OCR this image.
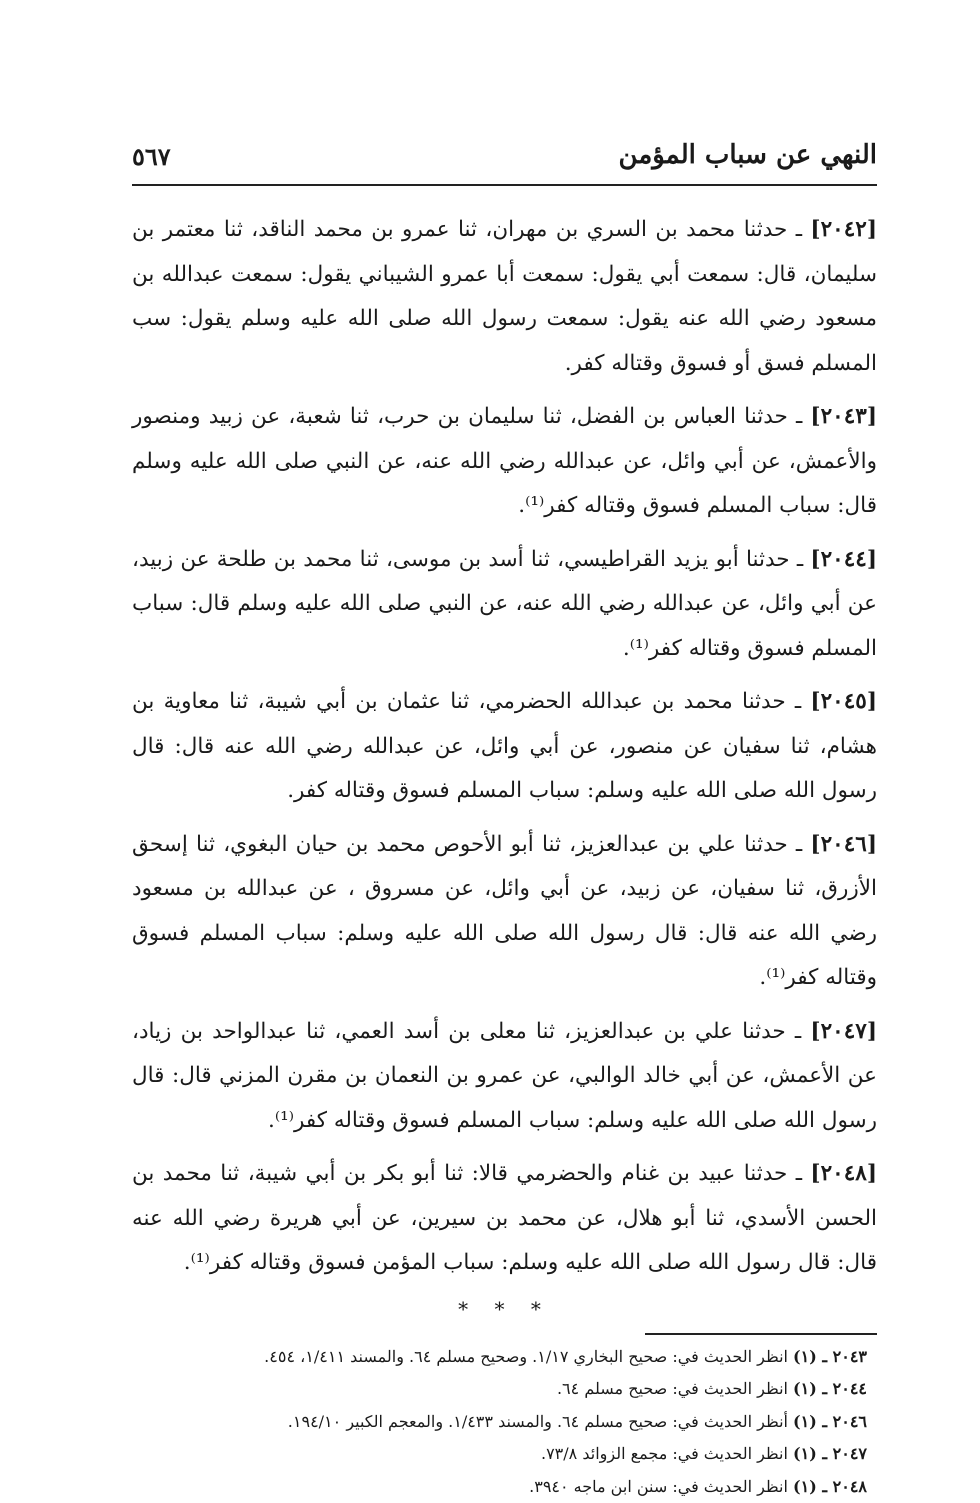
النهي عن سباب المؤمن
٥٦٧

[٢٠٤٢] ـ حدثنا محمد بن السري بن مهران، ثنا عمرو بن محمد الناقد، ثنا معتمر بن سليمان، قال: سمعت أبي يقول: سمعت أبا عمرو الشيباني يقول: سمعت عبدالله بن مسعود رضي الله عنه يقول: سمعت رسول الله صلى الله عليه وسلم يقول: سب المسلم فسق أو فسوق وقتاله كفر.

[٢٠٤٣] ـ حدثنا العباس بن الفضل، ثنا سليمان بن حرب، ثنا شعبة، عن زبيد ومنصور والأعمش، عن أبي وائل، عن عبدالله رضي الله عنه، عن النبي صلى الله عليه وسلم قال: سباب المسلم فسوق وقتاله كفر⁽¹⁾.

[٢٠٤٤] ـ حدثنا أبو يزيد القراطيسي، ثنا أسد بن موسى، ثنا محمد بن طلحة عن زبيد، عن أبي وائل، عن عبدالله رضي الله عنه، عن النبي صلى الله عليه وسلم قال: سباب المسلم فسوق وقتاله كفر⁽¹⁾.

[٢٠٤٥] ـ حدثنا محمد بن عبدالله الحضرمي، ثنا عثمان بن أبي شيبة، ثنا معاوية بن هشام، ثنا سفيان عن منصور، عن أبي وائل، عن عبدالله رضي الله عنه قال: قال رسول الله صلى الله عليه وسلم: سباب المسلم فسوق وقتاله كفر.

[٢٠٤٦] ـ حدثنا علي بن عبدالعزيز، ثنا أبو الأحوص محمد بن حيان البغوي، ثنا إسحق الأزرق، ثنا سفيان، عن زبيد، عن أبي وائل، عن مسروق ، عن عبدالله بن مسعود رضي الله عنه قال: قال رسول الله صلى الله عليه وسلم: سباب المسلم فسوق وقتاله كفر⁽¹⁾.

[٢٠٤٧] ـ حدثنا علي بن عبدالعزيز، ثنا معلى بن أسد العمي، ثنا عبدالواحد بن زياد، عن الأعمش، عن أبي خالد الوالبي، عن عمرو بن النعمان بن مقرن المزني قال: قال رسول الله صلى الله عليه وسلم: سباب المسلم فسوق وقتاله كفر⁽¹⁾.

[٢٠٤٨] ـ حدثنا عبيد بن غنام والحضرمي قالا: ثنا أبو بكر بن أبي شيبة، ثنا محمد بن الحسن الأسدي، ثنا أبو هلال، عن محمد بن سيرين، عن أبي هريرة رضي الله عنه قال: قال رسول الله صلى الله عليه وسلم: سباب المؤمن فسوق وقتاله كفر⁽¹⁾.

* * *
٢٠٤٣ ـ (١) انظر الحديث في: صحيح البخاري ١/١٧. وصحيح مسلم ٦٤. والمسند ١/٤١١، ٤٥٤.
٢٠٤٤ ـ (١) انظر الحديث في: صحيح مسلم ٦٤.
٢٠٤٦ ـ (١) أنظر الحديث في: صحيح مسلم ٦٤. والمسند ١/٤٣٣. والمعجم الكبير ١٩٤/١٠.
٢٠٤٧ ـ (١) انظر الحديث في: مجمع الزوائد ٧٣/٨.
٢٠٤٨ ـ (١) انظر الحديث في: سنن ابن ماجه ٣٩٤٠.
